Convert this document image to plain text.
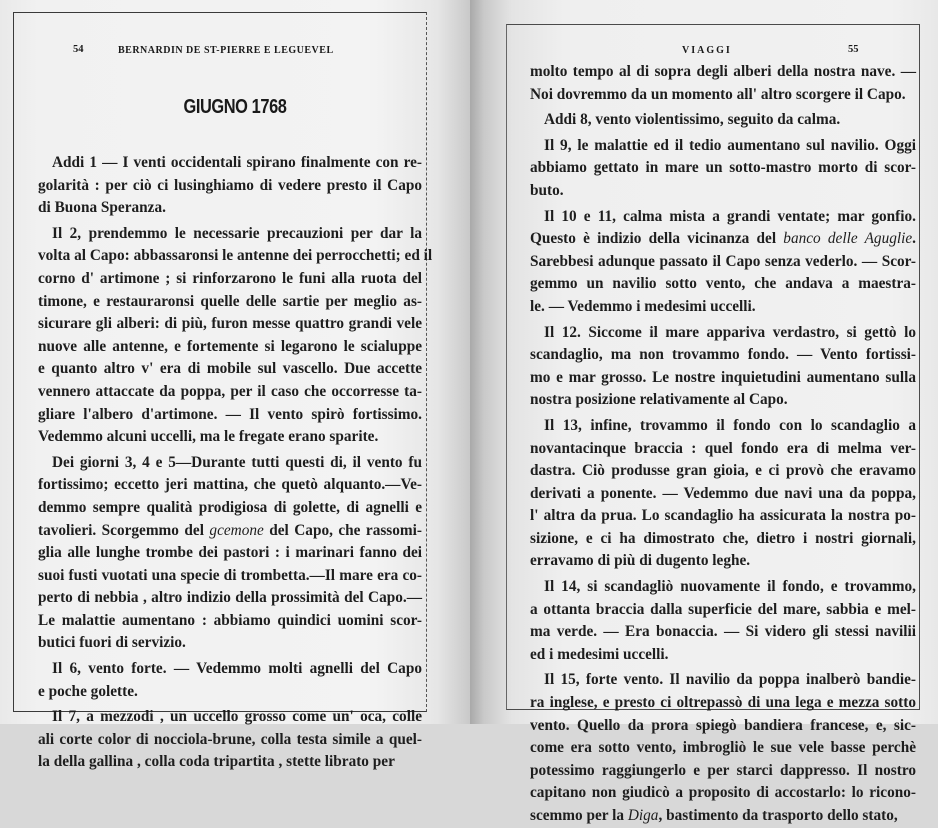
54	BERNARDIN DE ST-PIERRE E LEGUEVEL
GIUGNO 1768
VIAGGI	55
Addi 1 — I venti occidentali spirano finalmente con re-
golarità : per ciò ci lusinghiamo di vedere presto il Capo
di Buona Speranza.
Il 2, prendemmo le necessarie precauzioni per dar la
volta al Capo: abbassaronsi le antenne dei perrocchetti; ed il
corno d' artimone ; si rinforzarono le funi alla ruota del
timone, e restauraronsi quelle delle sartie per meglio as-
sicurare gli alberi: di più, furon messe quattro grandi vele
nuove alle antenne, e fortemente si legarono le scialuppe
e quanto altro v' era di mobile sul vascello. Due accette
vennero attaccate da poppa, per il caso che occorresse ta-
gliare l'albero d'artimone. — Il vento spirò fortissimo.
Vedemmo alcuni uccelli, ma le fregate erano sparite.
Dei giorni 3, 4 e 5—Durante tutti questi di, il vento fu
fortissimo; eccetto jeri mattina, che quetò alquanto.—Ve-
demmo sempre qualità prodigiosa di golette, di agnelli e
tavolieri. Scorgemmo del gcemone del Capo, che rassomi-
glia alle lunghe trombe dei pastori : i marinari fanno dei
suoi fusti vuotati una specie di trombetta.—Il mare era co-
perto di nebbia , altro indizio della prossimità del Capo.—
Le malattie aumentano : abbiamo quindici uomini scor-
butici fuori di servizio.
Il 6, vento forte. — Vedemmo molti agnelli del Capo
e poche golette.
Il 7, a mezzodi , un uccello grosso come un' oca, colle
ali corte color di nocciola-brune, colla testa simile a quel-
la della gallina , colla coda tripartita , stette librato per
molto tempo al di sopra degli alberi della nostra nave. —
Noi dovremmo da un momento all' altro scorgere il Capo.
Addi 8, vento violentissimo, seguito da calma.
Il 9, le malattie ed il tedio aumentano sul navilio. Oggi
abbiamo gettato in mare un sotto-mastro morto di scor-
buto.
Il 10 e 11, calma mista a grandi ventate; mar gonfio.
Questo è indizio della vicinanza del banco delle Aguglie.
Sarebbesi adunque passato il Capo senza vederlo. — Scor-
gemmo un navilio sotto vento, che andava a maestra-
le. — Vedemmo i medesimi uccelli.
Il 12. Siccome il mare appariva verdastro, si gettò lo
scandaglio, ma non trovammo fondo. — Vento fortissi-
mo e mar grosso. Le nostre inquietudini aumentano sulla
nostra posizione relativamente al Capo.
Il 13, infine, trovammo il fondo con lo scandaglio a
novantacinque braccia : quel fondo era di melma ver-
dastra. Ciò produsse gran gioia, e ci provò che eravamo
derivati a ponente. — Vedemmo due navi una da poppa,
l' altra da prua. Lo scandaglio ha assicurata la nostra po-
sizione, e ci ha dimostrato che, dietro i nostri giornali,
erravamo di più di dugento leghe.
Il 14, si scandagliò nuovamente il fondo, e trovammo,
a ottanta braccia dalla superficie del mare, sabbia e mel-
ma verde. — Era bonaccia. — Si videro gli stessi navilii
ed i medesimi uccelli.
Il 15, forte vento. Il navilio da poppa inalberò bandie-
ra inglese, e presto ci oltrepassò di una lega e mezza sotto
vento. Quello da prora spiegò bandiera francese, e, sic-
come era sotto vento, imbrogliò le sue vele basse perchè
potessimo raggiungerlo e per starci dappresso. Il nostro
capitano non giudicò a proposito di accostarlo: lo ricono-
scemmo per la Diga, bastimento da trasporto dello stato,
